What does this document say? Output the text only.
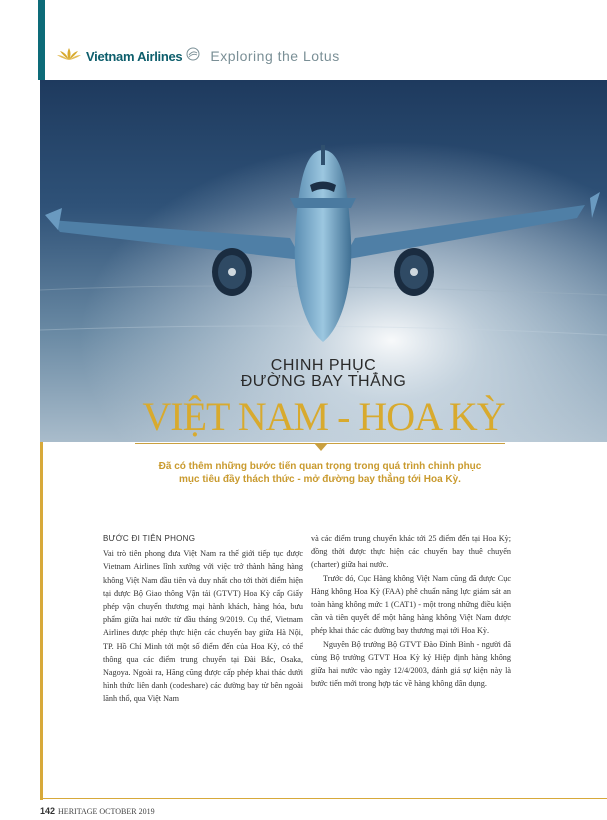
Vietnam Airlines Exploring the Lotus
CHINH PHỤC
ĐƯỜNG BAY THẲNG
VIỆT NAM - HOA KỲ
Đã có thêm những bước tiến quan trọng trong quá trình chinh phục mục tiêu đầy thách thức - mở đường bay thẳng tới Hoa Kỳ.

BƯỚC ĐI TIÊN PHONG

Vai trò tiên phong đưa Việt Nam ra thế giới tiếp tục được Vietnam Airlines lĩnh xướng với việc trở thành hãng hàng không Việt Nam đầu tiên và duy nhất cho tới thời điểm hiện tại được Bộ Giao thông Vận tải (GTVT) Hoa Kỳ cấp Giấy phép vận chuyển thương mại hành khách, hàng hóa, bưu phẩm giữa hai nước từ đầu tháng 9/2019. Cụ thể, Vietnam Airlines được phép thực hiện các chuyến bay giữa Hà Nội, TP. Hồ Chí Minh tới một số điểm đến của Hoa Kỳ, có thể thông qua các điểm trung chuyển tại Đài Bắc, Osaka, Nagoya. Ngoài ra, Hãng cũng được cấp phép khai thác dưới hình thức liên danh (codeshare) các đường bay từ bên ngoài lãnh thổ, qua Việt Nam

và các điểm trung chuyển khác tới 25 điểm đến tại Hoa Kỳ; đồng thời được thực hiện các chuyến bay thuê chuyến (charter) giữa hai nước.

Trước đó, Cục Hàng không Việt Nam cũng đã được Cục Hàng không Hoa Kỳ (FAA) phê chuẩn năng lực giám sát an toàn hàng không mức 1 (CAT1) - một trong những điều kiện cần và tiên quyết để một hãng hàng không Việt Nam được phép khai thác các đường bay thương mại tới Hoa Kỳ.

Nguyên Bộ trưởng Bộ GTVT Đào Đình Bình - người đã cùng Bộ trưởng GTVT Hoa Kỳ ký Hiệp định hàng không giữa hai nước vào ngày 12/4/2003, đánh giá sự kiện này là bước tiến mới trong hợp tác về hàng không dân dụng.

142 HERITAGE OCTOBER 2019
